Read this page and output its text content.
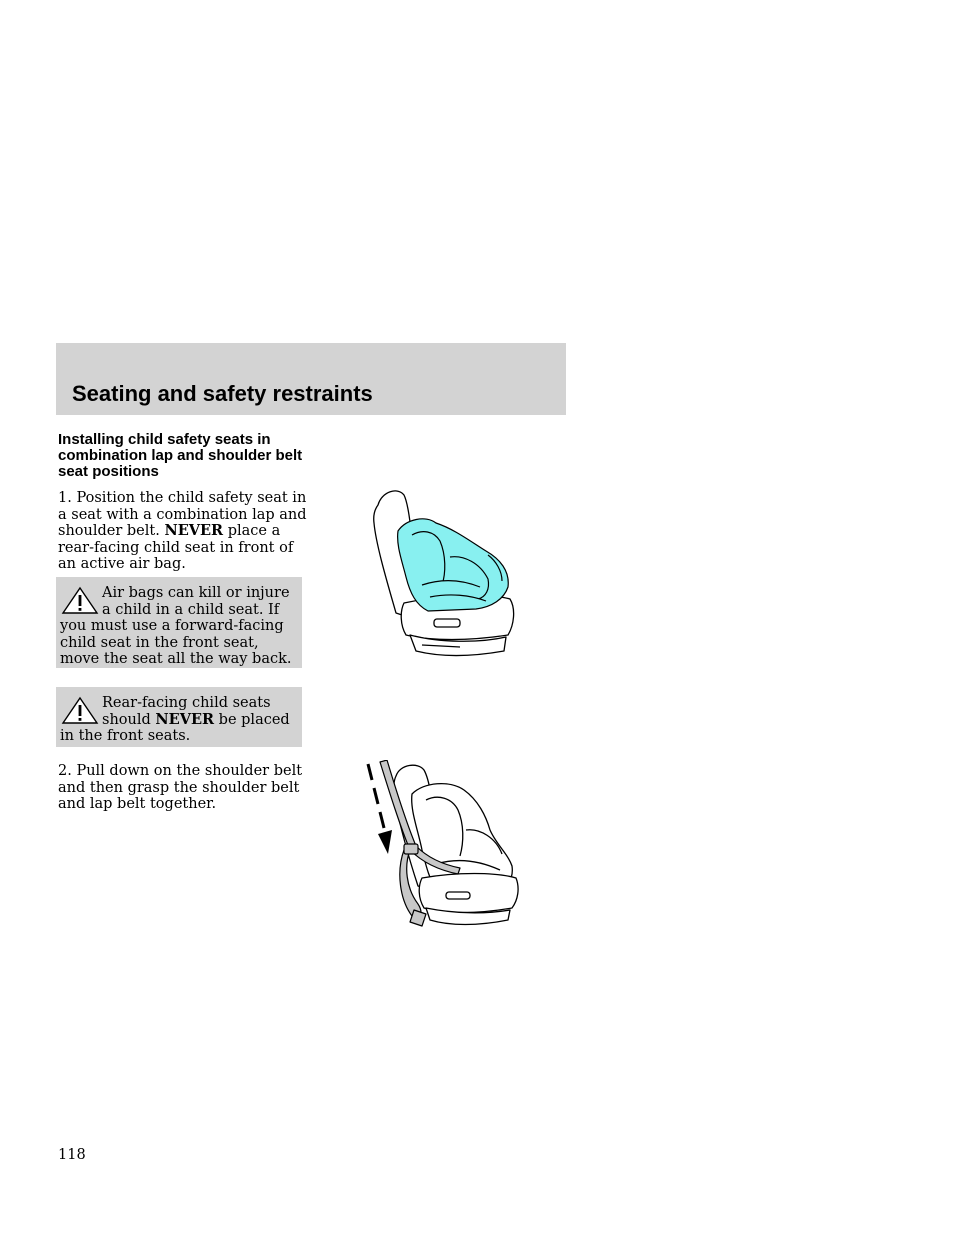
Seating and safety restraints
Installing child safety seats in combination lap and shoulder belt seat positions
1. Position the child safety seat in a seat with a combination lap and shoulder belt. NEVER place a rear-facing child seat in front of an active air bag.
Air bags can kill or injure a child in a child seat. If you must use a forward-facing child seat in the front seat, move the seat all the way back.
Rear-facing child seats should NEVER be placed in the front seats.
2. Pull down on the shoulder belt and then grasp the shoulder belt and lap belt together.
118
